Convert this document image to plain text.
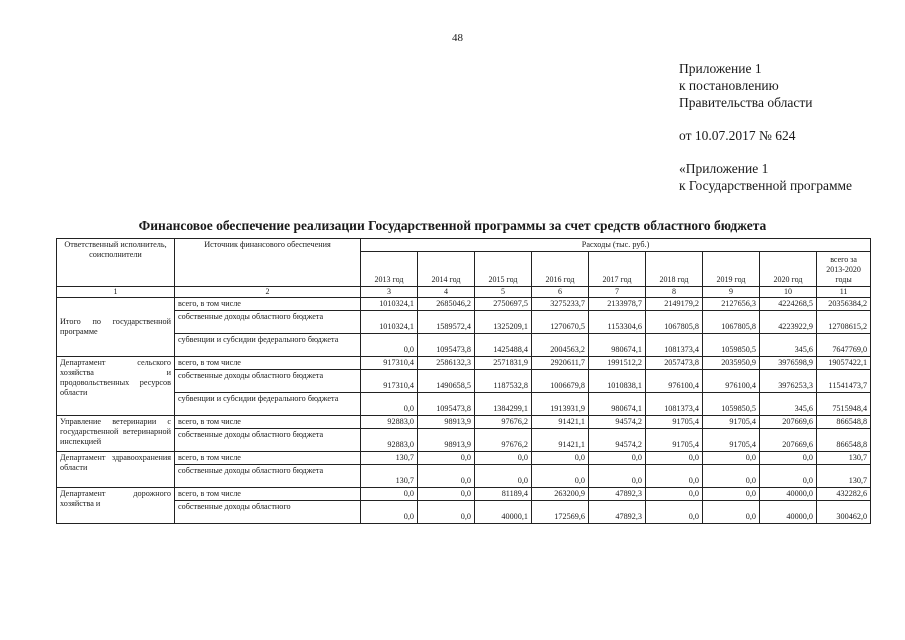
48
Приложение 1
к постановлению
Правительства области
от 10.07.2017 № 624
«Приложение 1
к Государственной программе
Финансовое обеспечение реализации Государственной программы за счет средств областного бюджета
Ответственный исполнитель, соисполнители	Источник финансового обеспечения	Расходы (тыс. руб.)								
		2013 год	2014 год	2015 год	2016 год	2017 год	2018 год	2019 год	2020 год	всего за 2013-2020 годы
1	2	3	4	5	6	7	8	9	10	11
Итого по государственной программе	всего, в том числе	1010324,1	2685046,2	2750697,5	3275233,7	2133978,7	2149179,2	2127656,3	4224268,5	20356384,2
	собственные доходы областного бюджета	1010324,1	1589572,4	1325209,1	1270670,5	1153304,6	1067805,8	1067805,8	4223922,9	12708615,2
	субвенции и субсидии федерального бюджета	0,0	1095473,8	1425488,4	2004563,2	980674,1	1081373,4	1059850,5	345,6	7647769,0
Департамент сельского хозяйства и продовольственных ресурсов области	всего, в том числе	917310,4	2586132,3	2571831,9	2920611,7	1991512,2	2057473,8	2035950,9	3976598,9	19057422,1
	собственные доходы областного бюджета	917310,4	1490658,5	1187532,8	1006679,8	1010838,1	976100,4	976100,4	3976253,3	11541473,7
	субвенции и субсидии федерального бюджета	0,0	1095473,8	1384299,1	1913931,9	980674,1	1081373,4	1059850,5	345,6	7515948,4
Управление ветеринарии с государственной ветеринарной инспекцией	всего, в том числе	92883,0	98913,9	97676,2	91421,1	94574,2	91705,4	91705,4	207669,6	866548,8
	собственные доходы областного бюджета	92883,0	98913,9	97676,2	91421,1	94574,2	91705,4	91705,4	207669,6	866548,8
Департамент здравоохранения области	всего, в том числе	130,7	0,0	0,0	0,0	0,0	0,0	0,0	0,0	130,7
	собственные доходы областного бюджета	130,7	0,0	0,0	0,0	0,0	0,0	0,0	0,0	130,7
Департамент дорожного хозяйства и	всего, в том числе	0,0	0,0	81189,4	263200,9	47892,3	0,0	0,0	40000,0	432282,6
	собственные доходы областного	0,0	0,0	40000,1	172569,6	47892,3	0,0	0,0	40000,0	300462,0
